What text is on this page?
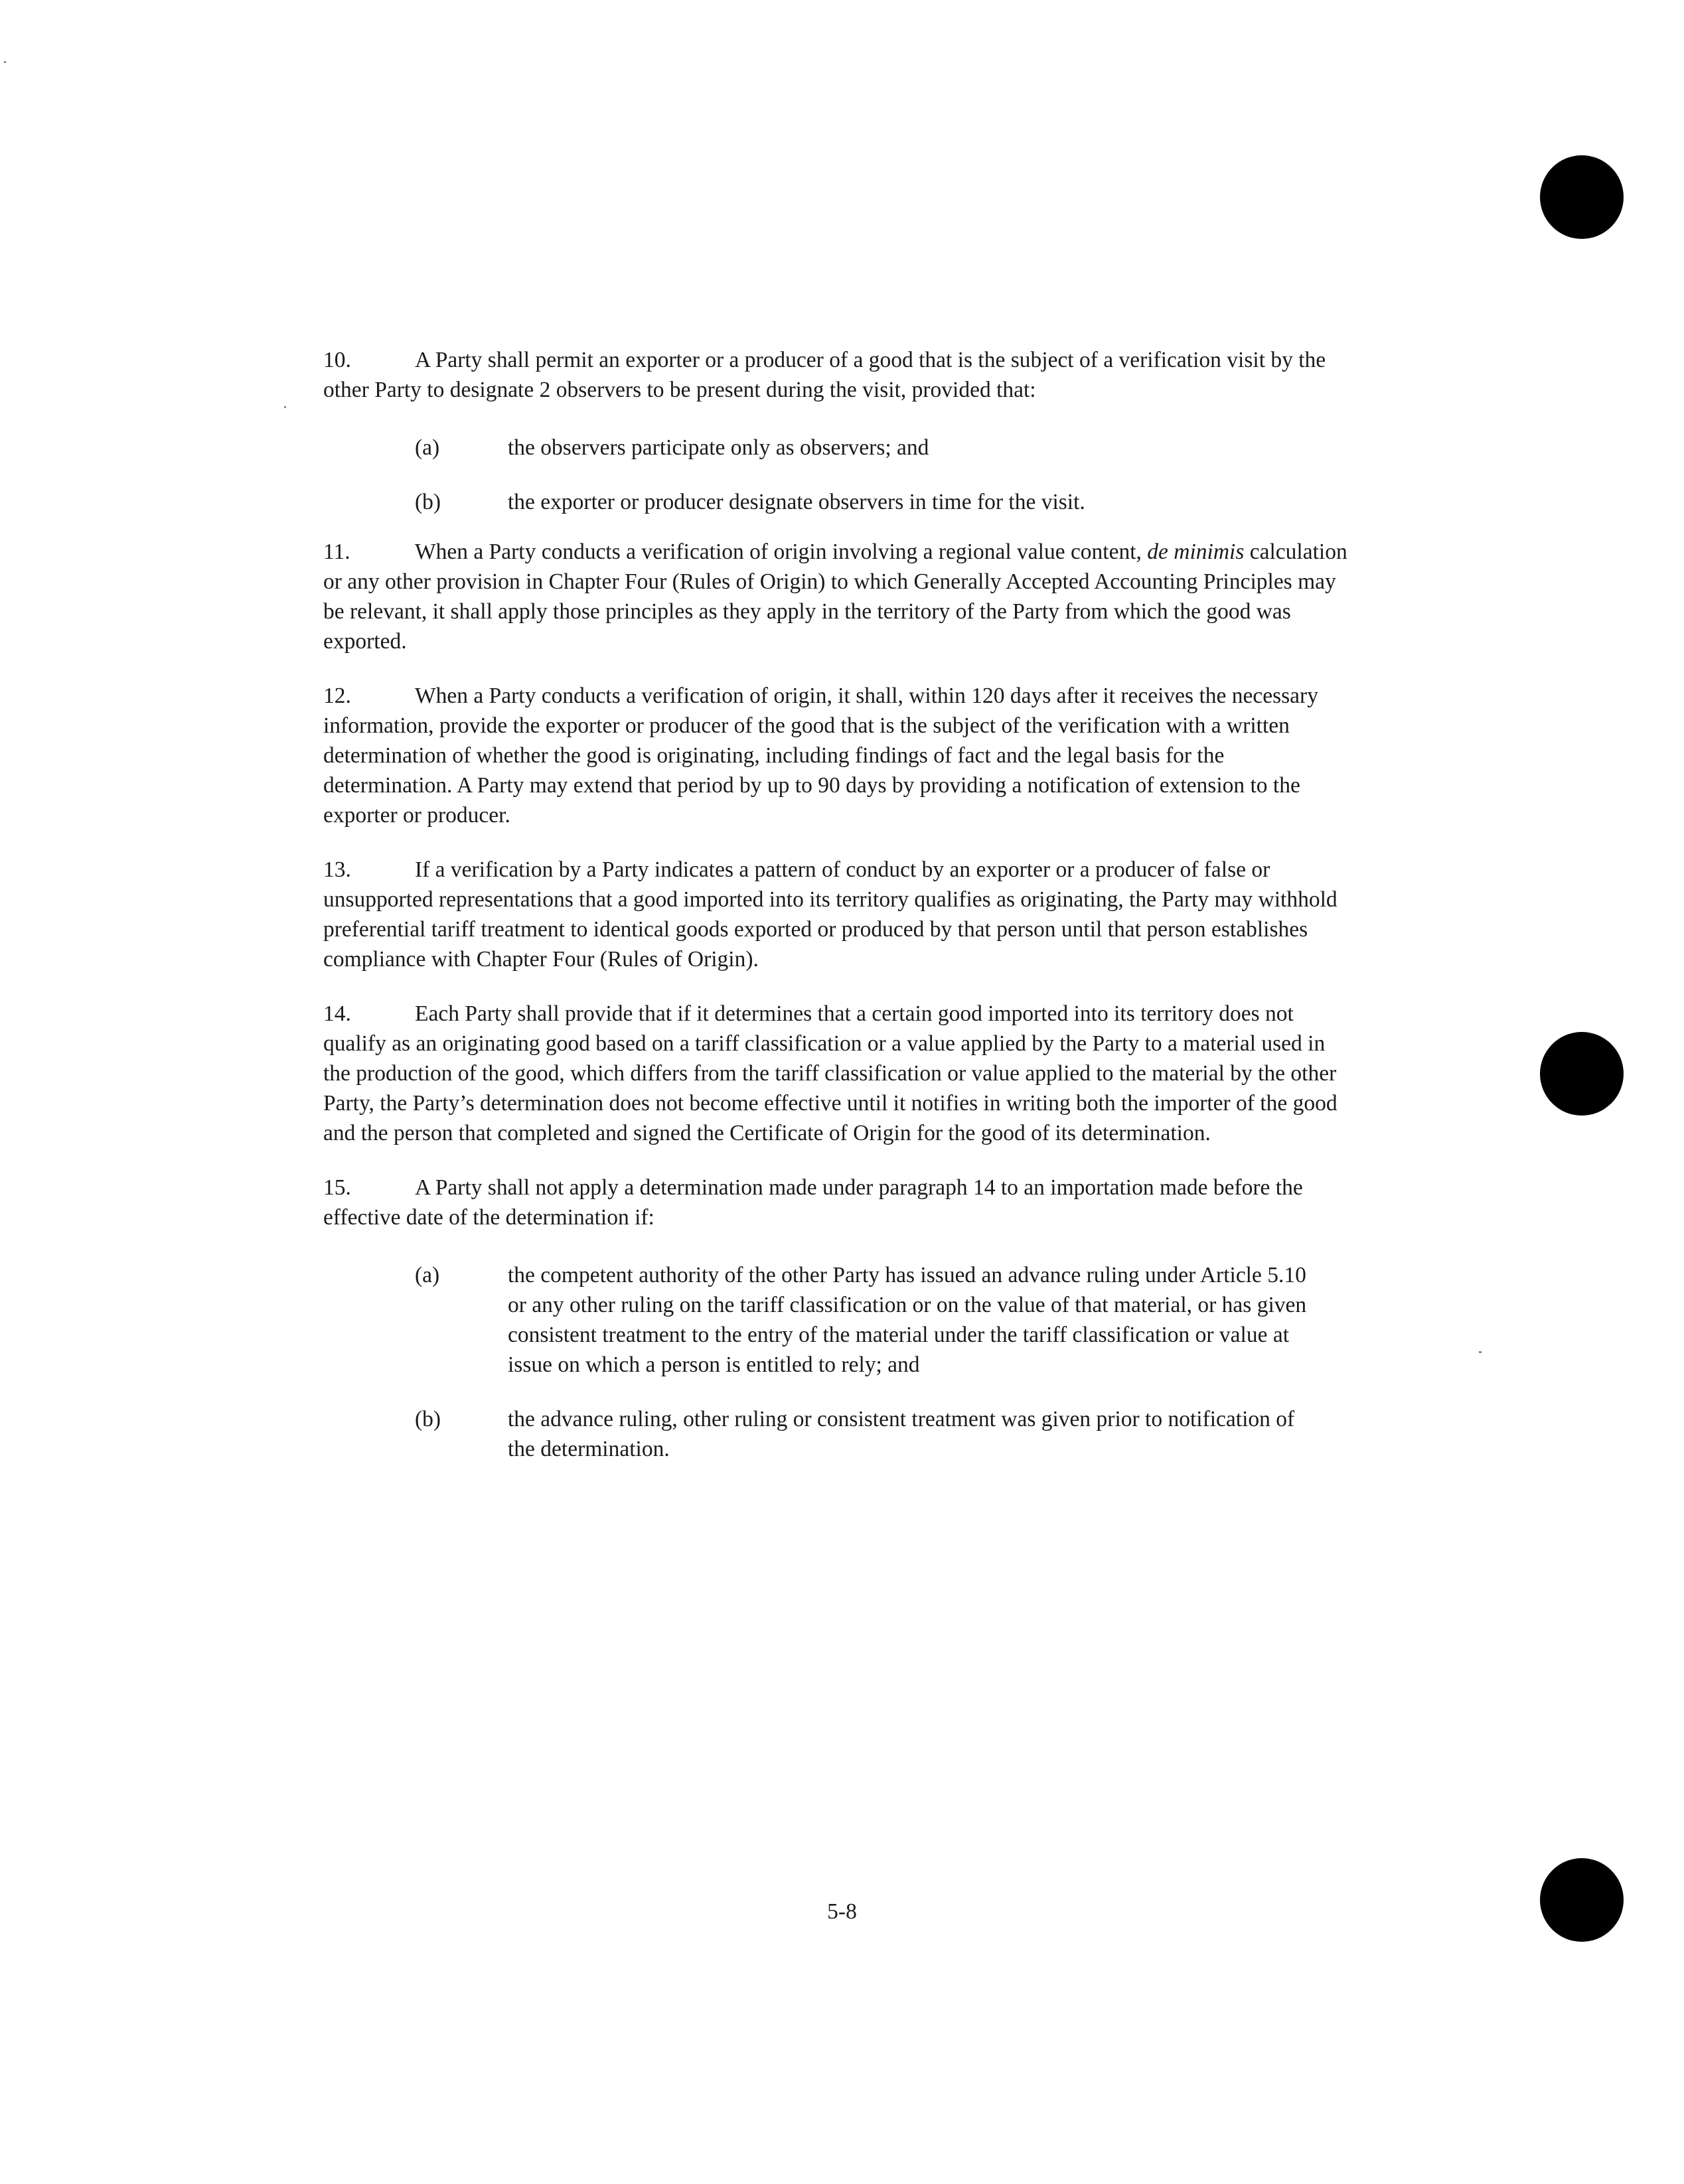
10.	A Party shall permit an exporter or a producer of a good that is the subject of a verification visit by the other Party to designate 2 observers to be present during the visit, provided that:

(a)	the observers participate only as observers; and
(b)	the exporter or producer designate observers in time for the visit.

11.	When a Party conducts a verification of origin involving a regional value content, de minimis calculation or any other provision in Chapter Four (Rules of Origin) to which Generally Accepted Accounting Principles may be relevant, it shall apply those principles as they apply in the territory of the Party from which the good was exported.

12.	When a Party conducts a verification of origin, it shall, within 120 days after it receives the necessary information, provide the exporter or producer of the good that is the subject of the verification with a written determination of whether the good is originating, including findings of fact and the legal basis for the determination. A Party may extend that period by up to 90 days by providing a notification of extension to the exporter or producer.

13.	If a verification by a Party indicates a pattern of conduct by an exporter or a producer of false or unsupported representations that a good imported into its territory qualifies as originating, the Party may withhold preferential tariff treatment to identical goods exported or produced by that person until that person establishes compliance with Chapter Four (Rules of Origin).

14.	Each Party shall provide that if it determines that a certain good imported into its territory does not qualify as an originating good based on a tariff classification or a value applied by the Party to a material used in the production of the good, which differs from the tariff classification or value applied to the material by the other Party, the Party’s determination does not become effective until it notifies in writing both the importer of the good and the person that completed and signed the Certificate of Origin for the good of its determination.

15.	A Party shall not apply a determination made under paragraph 14 to an importation made before the effective date of the determination if:

(a)	the competent authority of the other Party has issued an advance ruling under Article 5.10 or any other ruling on the tariff classification or on the value of that material, or has given consistent treatment to the entry of the material under the tariff classification or value at issue on which a person is entitled to rely; and
(b)	the advance ruling, other ruling or consistent treatment was given prior to notification of the determination.
5-8
